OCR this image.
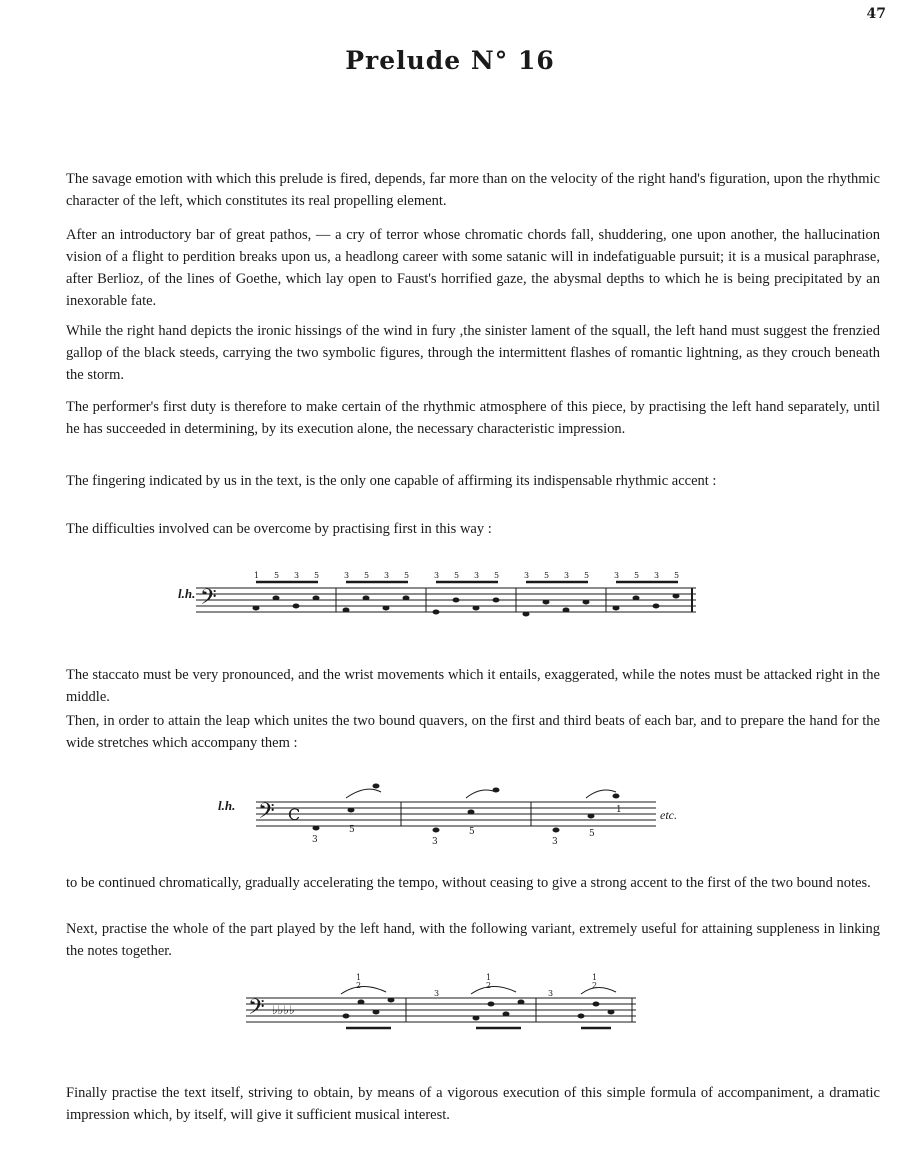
47
Prelude N° 16

The savage emotion with which this prelude is fired, depends, far more than on the velocity of the right hand's figuration, upon the rhythmic character of the left, which constitutes its real propelling element.

After an introductory bar of great pathos, — a cry of terror whose chromatic chords fall, shuddering, one upon another, the hallucination vision of a flight to perdition breaks upon us, a headlong career with some satanic will in indefatiguable pursuit; it is a musical paraphrase, after Berlioz, of the lines of Goethe, which lay open to Faust's horrified gaze, the abysmal depths to which he is being precipitated by an inexorable fate.

While the right hand depicts the ironic hissings of the wind in fury ,the sinister lament of the squall, the left hand must suggest the frenzied gallop of the black steeds, carrying the two symbolic figures, through the intermittent flashes of romantic lightning, as they crouch beneath the storm.

The performer's first duty is therefore to make certain of the rhythmic atmosphere of this piece, by practising the left hand separately, until he has succeeded in determining, by its execution alone, the necessary characteristic impression.

The fingering indicated by us in the text, is the only one capable of affirming its indispensable rhythmic accent :

The difficulties involved can be overcome by practising first in this way :

l.h. 𝄢
1 5 3 5	3 5 3 5	3 5 3 5	3 5 3 5	3 5 3 5

The staccato must be very pronounced, and the wrist movements which it entails, exaggerated, while the notes must be attacked right in the middle.

Then, in order to attain the leap which unites the two bound quavers, on the first and third beats of each bar, and to prepare the hand for the wide stretches which accompany them :

l.h. 𝄢 C
3
5
3
5
3
5
1	etc.

to be continued chromatically, gradually accelerating the tempo, without ceasing to give a strong accent to the first of the two bound notes.

Next, practise the whole of the part played by the left hand, with the following variant, extremely useful for attaining suppleness in linking the notes together.

𝄢 ♭♭♭♭
1
2
3
1
2
3
1
2

Finally practise the text itself, striving to obtain, by means of a vigorous execution of this simple formula of accompaniment, a dramatic impression which, by itself, will give it sufficient musical interest.
